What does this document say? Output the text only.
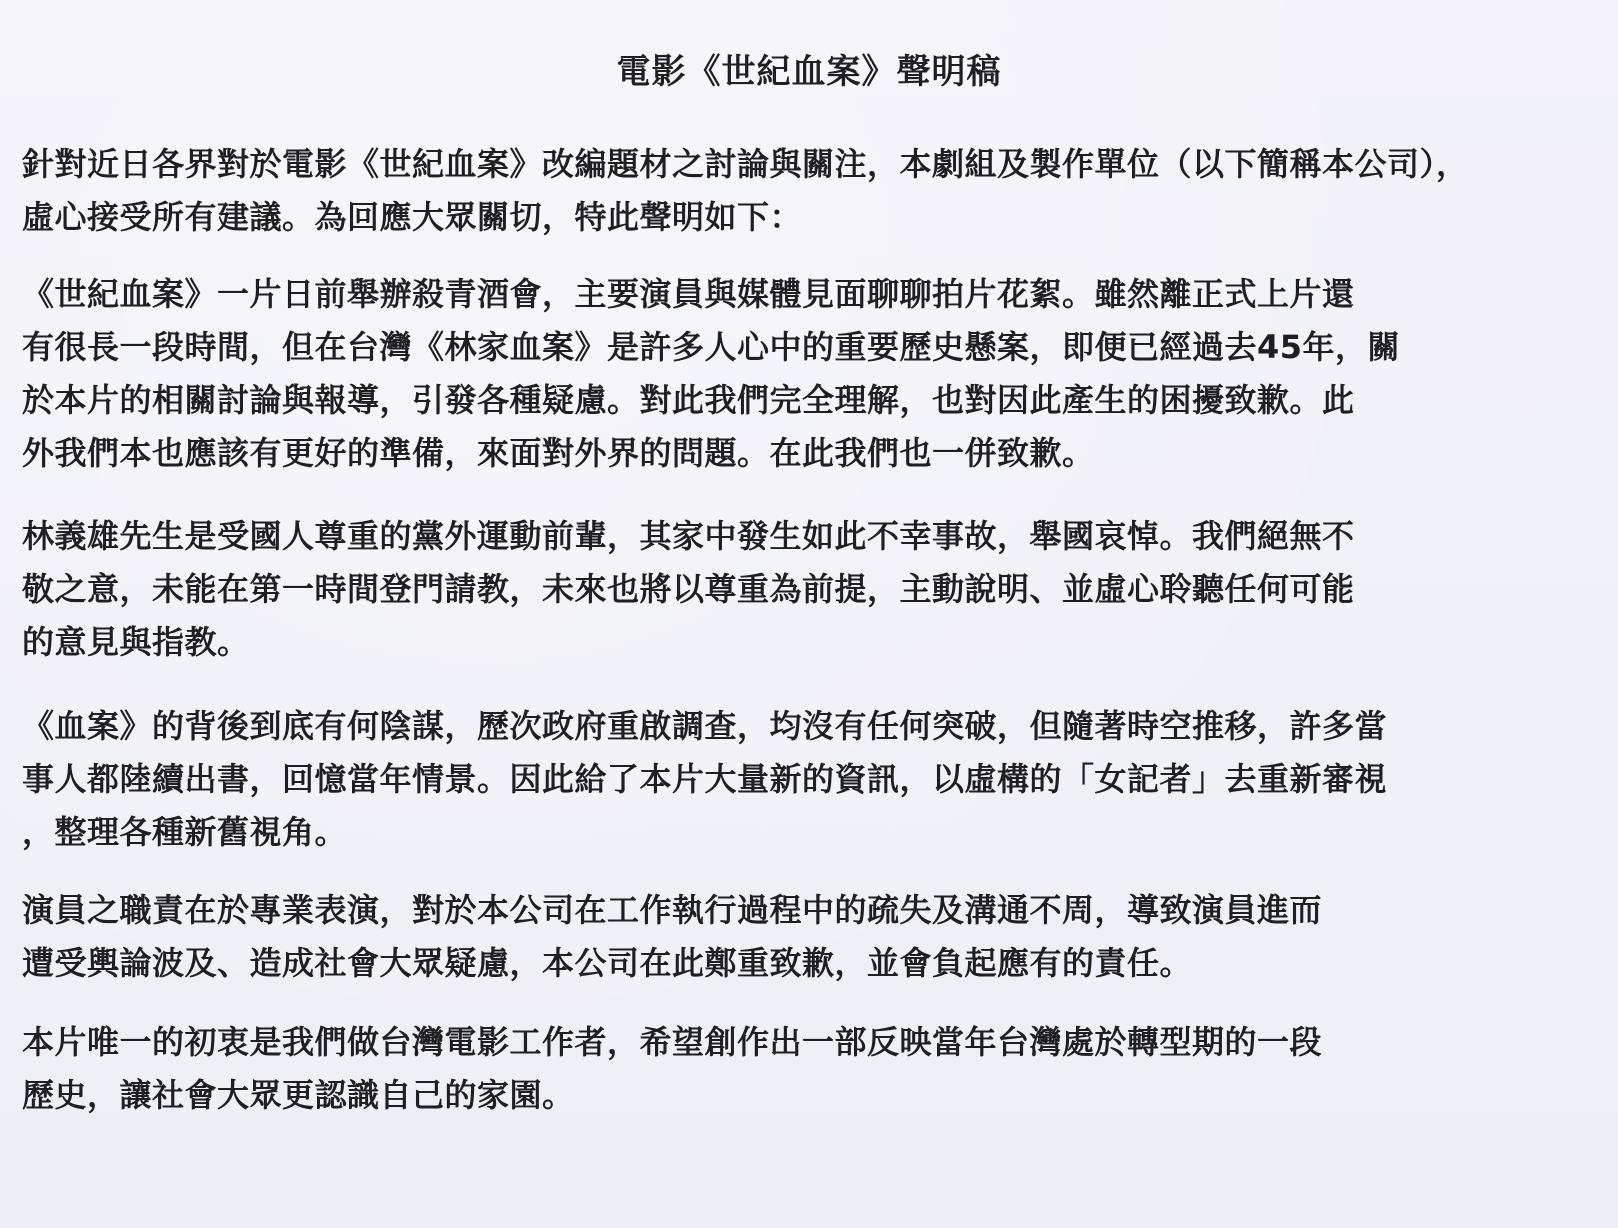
電影《世紀血案》聲明稿

針對近日各界對於電影《世紀血案》改編題材之討論與關注，本劇組及製作單位（以下簡稱本公司），
虛心接受所有建議。為回應大眾關切，特此聲明如下：

《世紀血案》一片日前舉辦殺青酒會，主要演員與媒體見面聊聊拍片花絮。雖然離正式上片還
有很長一段時間，但在台灣《林家血案》是許多人心中的重要歷史懸案，即便已經過去45年，關
於本片的相關討論與報導，引發各種疑慮。對此我們完全理解，也對因此產生的困擾致歉。此
外我們本也應該有更好的準備，來面對外界的問題。在此我們也一併致歉。

林義雄先生是受國人尊重的黨外運動前輩，其家中發生如此不幸事故，舉國哀悼。我們絕無不
敬之意，未能在第一時間登門請教，未來也將以尊重為前提，主動說明、並虛心聆聽任何可能
的意見與指教。

《血案》的背後到底有何陰謀，歷次政府重啟調查，均沒有任何突破，但隨著時空推移，許多當
事人都陸續出書，回憶當年情景。因此給了本片大量新的資訊，以虛構的「女記者」去重新審視
，整理各種新舊視角。

演員之職責在於專業表演，對於本公司在工作執行過程中的疏失及溝通不周，導致演員進而
遭受輿論波及、造成社會大眾疑慮，本公司在此鄭重致歉，並會負起應有的責任。

本片唯一的初衷是我們做台灣電影工作者，希望創作出一部反映當年台灣處於轉型期的一段
歷史，讓社會大眾更認識自己的家園。
